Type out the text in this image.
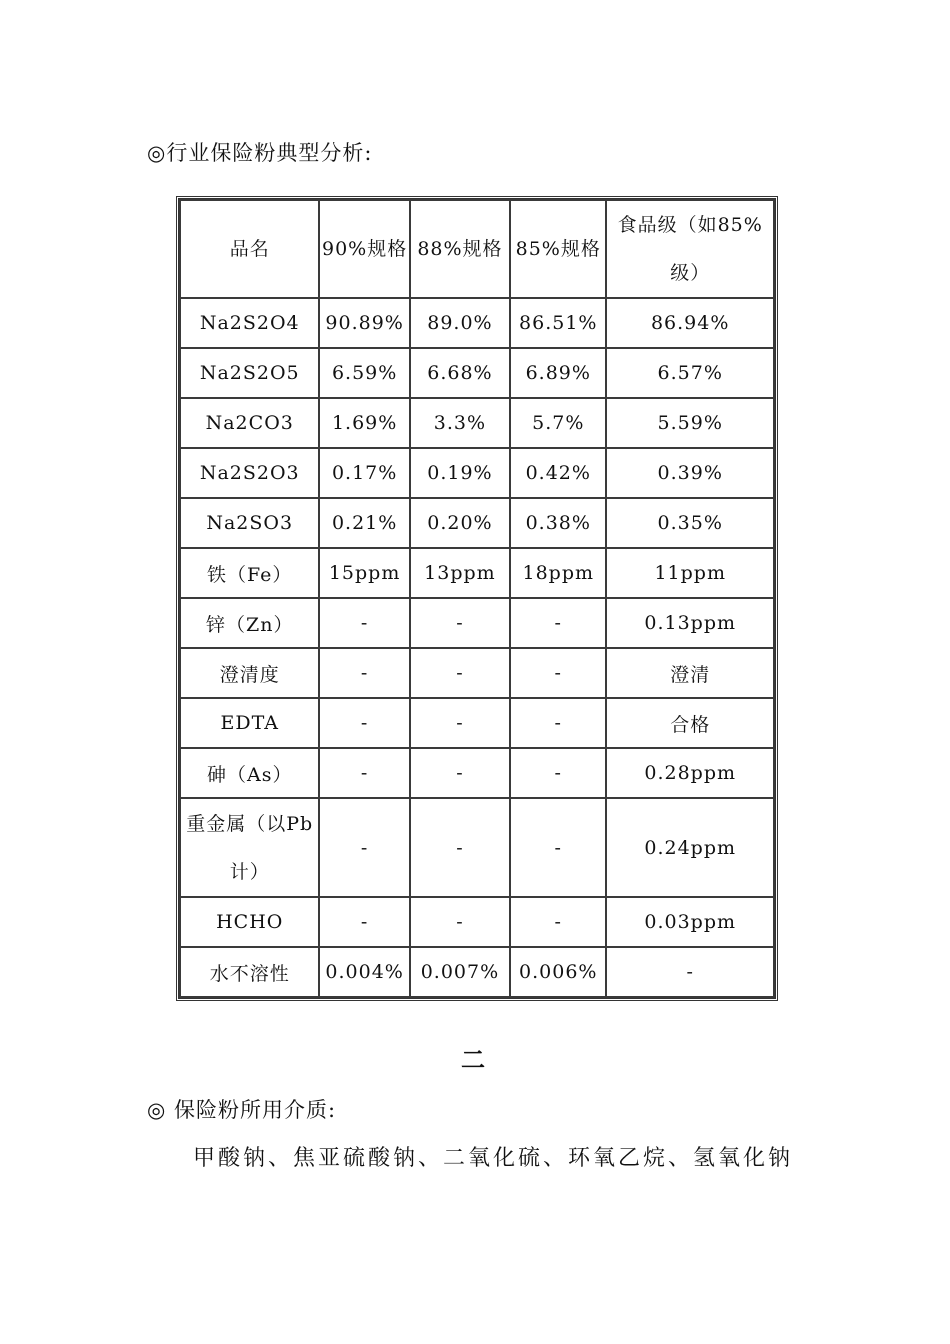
◎行业保险粉典型分析:
品名	90%规格	88%规格	85%规格	食品级（如85%级）
Na2S2O4	90.89%	89.0%	86.51%	86.94%
Na2S2O5	6.59%	6.68%	6.89%	6.57%
Na2CO3	1.69%	3.3%	5.7%	5.59%
Na2S2O3	0.17%	0.19%	0.42%	0.39%
Na2SO3	0.21%	0.20%	0.38%	0.35%
铁（Fe）	15ppm	13ppm	18ppm	11ppm
锌（Zn）	-	-	-	0.13ppm
澄清度	-	-	-	澄清
EDTA	-	-	-	合格
砷（As）	-	-	-	0.28ppm
重金属（以Pb计）	-	-	-	0.24ppm
HCHO	-	-	-	0.03ppm
水不溶性	0.004%	0.007%	0.006%	-
二
◎ 保险粉所用介质:
甲酸钠、焦亚硫酸钠、二氧化硫、环氧乙烷、氢氧化钠
